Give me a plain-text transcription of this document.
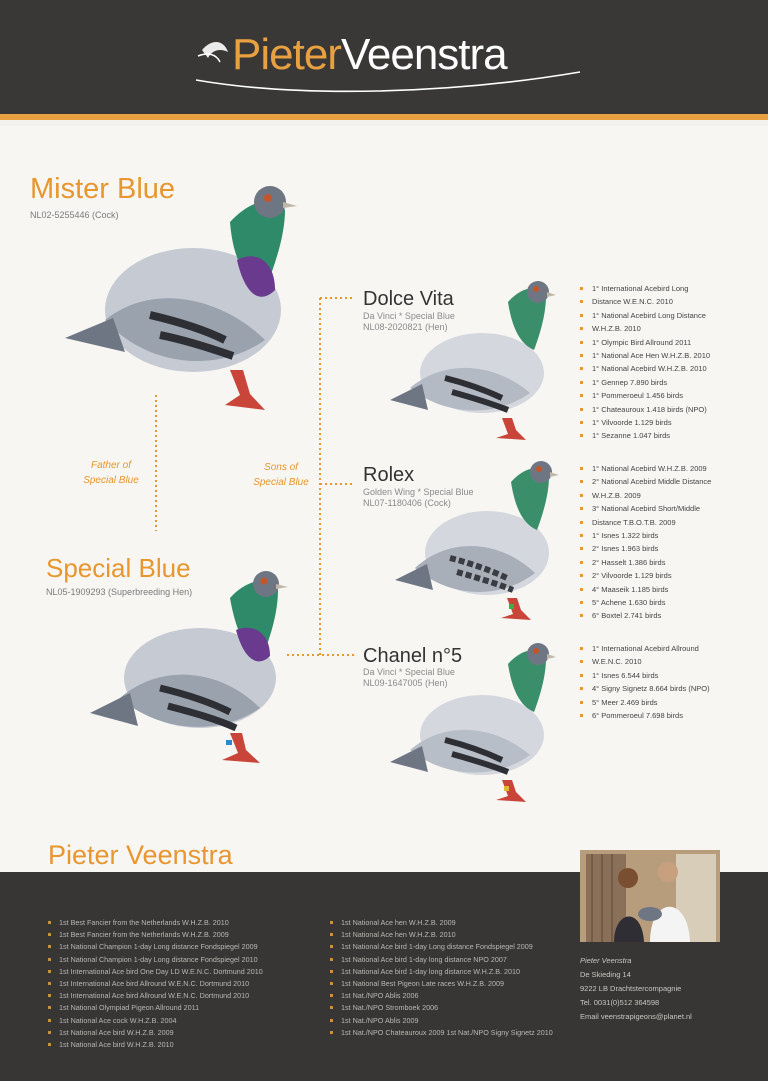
PieterVeenstra
Mister Blue
NL02-5255446 (Cock)
Special Blue
NL05-1909293 (Superbreeding Hen)
Father of
Special Blue
Sons of
Special Blue
Dolce Vita
Da Vinci * Special Blue
NL08-2020821 (Hen)
1° International Acebird Long
Distance W.E.N.C. 2010
1° National Acebird Long Distance
W.H.Z.B. 2010
1° Olympic Bird Allround 2011
1° National Ace Hen W.H.Z.B. 2010
1° National Acebird W.H.Z.B. 2010
1° Gennep 7.890 birds
1° Pommeroeul 1.456 birds
1° Chateauroux 1.418 birds (NPO)
1° Vilvoorde 1.129 birds
1° Sezanne 1.047 birds
Rolex
Golden Wing * Special Blue
NL07-1180406 (Cock)
1° National Acebird W.H.Z.B. 2009
2° National Acebird Middle Distance
W.H.Z.B. 2009
3° National Acebird Short/Middle
Distance T.B.O.T.B. 2009
1° Isnes 1.322 birds
2° Isnes 1.963 birds
2° Hasselt 1.386 birds
2° Vilvoorde 1.129 birds
4° Maaseik 1.185 birds
5° Achene 1.630 birds
6° Boxtel 2.741 birds
Chanel n°5
Da Vinci * Special Blue
NL09-1647005 (Hen)
1° International Acebird Allround
W.E.N.C. 2010
1° Isnes 6.544 birds
4° Signy Signetz 8.664 birds (NPO)
5° Meer 2.469 birds
6° Pommeroeul 7.698 birds
Pieter Veenstra
1st Best Fancier from the Netherlands W.H.Z.B. 2010
1st Best Fancier from the Netherlands W.H.Z.B. 2009
1st National Champion 1-day Long distance Fondspiegel 2009
1st National Champion 1-day Long distance Fondspiegel 2010
1st International Ace bird One Day LD W.E.N.C. Dortmund 2010
1st International Ace bird Allround W.E.N.C. Dortmund 2010
1st International Ace bird Allround W.E.N.C. Dortmund 2010
1st National Olympiad Pigeon Allround 2011
1st National Ace cock W.H.Z.B. 2004
1st National Ace bird W.H.Z.B. 2009
1st National Ace bird W.H.Z.B. 2010
1st National Ace hen W.H.Z.B. 2009
1st National Ace hen W.H.Z.B. 2010
1st National Ace bird 1-day Long distance Fondspiegel 2009
1st National Ace bird 1-day long distance NPO 2007
1st National Ace bird 1-day long distance W.H.Z.B. 2010
1st National Best Pigeon Late races W.H.Z.B. 2009
1st Nat./NPO Ablis 2006
1st Nat./NPO Stromboek 2006
1st Nat./NPO Ablis 2009
1st Nat./NPO Chateauroux 2009 1st Nat./NPO Signy Signetz 2010
Pieter Veenstra
De Skieding 14
9222 LB Drachtstercompagnie
Tel. 0031(0)512 364598
Email veenstrapigeons@planet.nl
